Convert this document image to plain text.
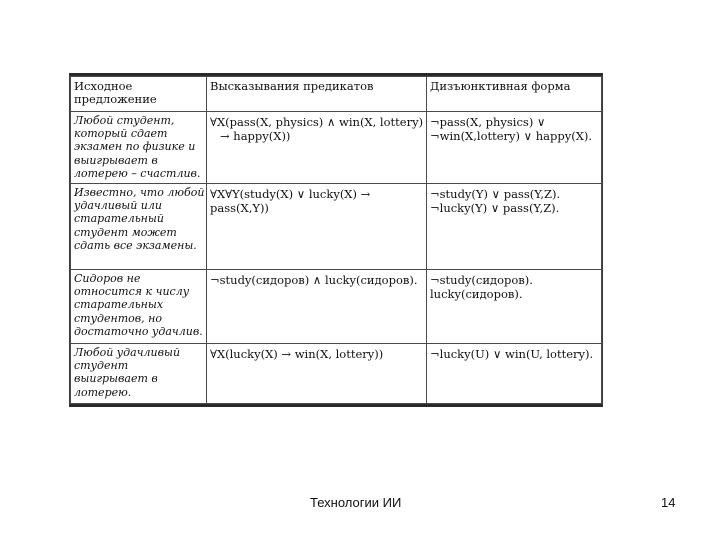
Исходное
предложение	Высказывания предикатов	Дизъюнктивная форма

Любой студент,
который сдает
экзамен по физике и
выигрывает в
лотерею – счастлив.	∀X(pass(X, physics) ∧ win(X, lottery)
→ happy(X))	¬pass(X, physics) ∨
¬win(X,lottery) ∨ happy(X).

Известно, что любой
удачливый или
старательный
студент может
сдать все экзамены.	∀X∀Y(study(X) ∨ lucky(X) →
pass(X,Y))	¬study(Y) ∨ pass(Y,Z).
¬lucky(Y) ∨ pass(Y,Z).

Сидоров не
относится к числу
старательных
студентов, но
достаточно удачлив.	¬study(сидоров) ∧ lucky(сидоров).	¬study(сидоров).
lucky(сидоров).

Любой удачливый
студент
выигрывает в
лотерею.	∀X(lucky(X) → win(X, lottery))	¬lucky(U) ∨ win(U, lottery).
Технологии ИИ	14
